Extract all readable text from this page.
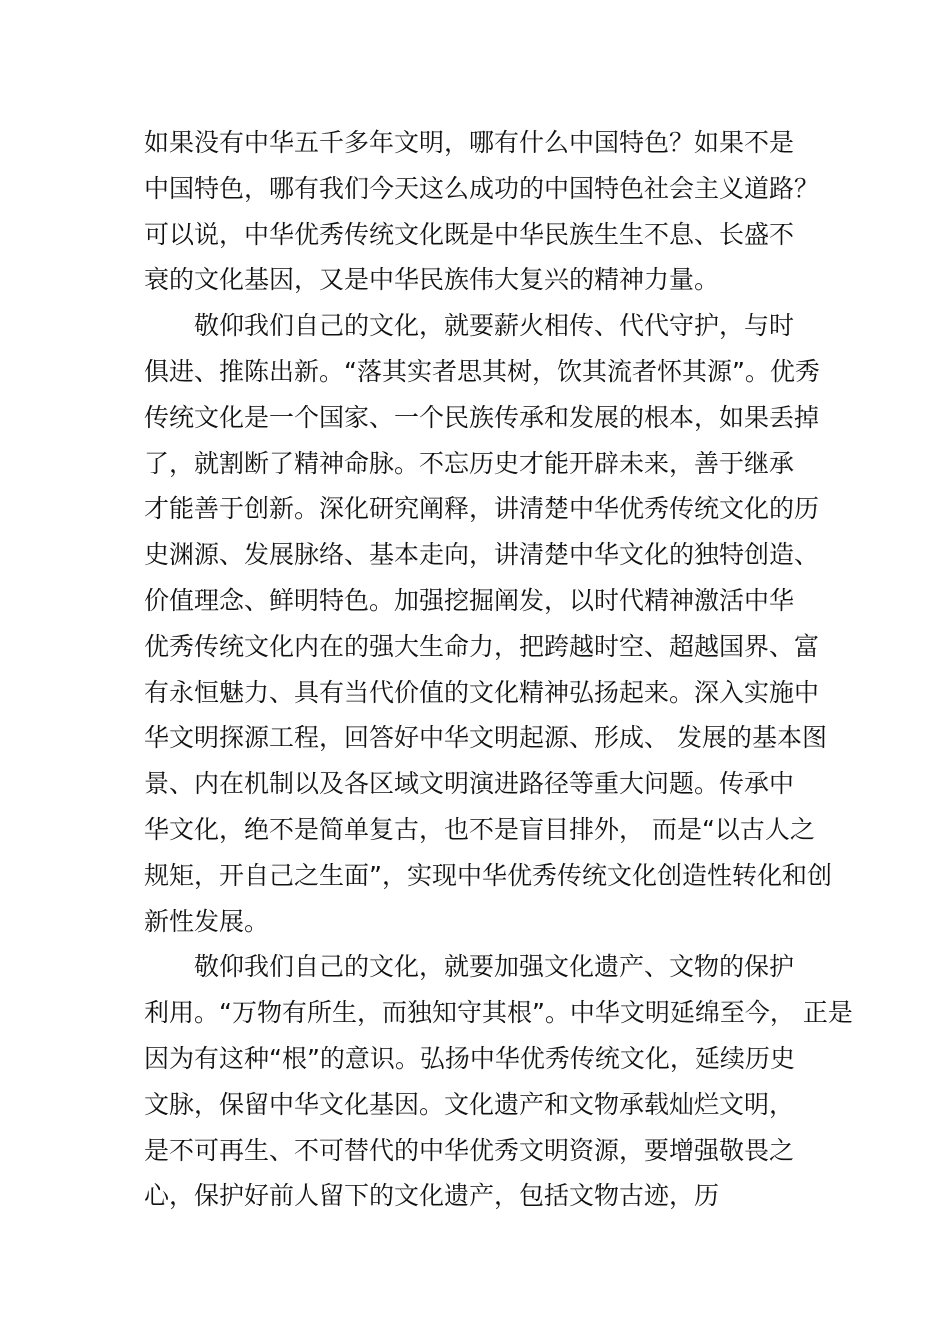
如果没有中华五千多年文明，哪有什么中国特色？如果不是
中国特色，哪有我们今天这么成功的中国特色社会主义道路？
可以说，中华优秀传统文化既是中华民族生生不息、长盛不
衰的文化基因，又是中华民族伟大复兴的精神力量。
敬仰我们自己的文化，就要薪火相传、代代守护，与时
俱进、推陈出新。“落其实者思其树，饮其流者怀其源”。优秀
传统文化是一个国家、一个民族传承和发展的根本，如果丢掉
了，就割断了精神命脉。不忘历史才能开辟未来，善于继承
才能善于创新。深化研究阐释，讲清楚中华优秀传统文化的历
史渊源、发展脉络、基本走向，讲清楚中华文化的独特创造、
价值理念、鲜明特色。加强挖掘阐发，以时代精神激活中华
优秀传统文化内在的强大生命力，把跨越时空、超越国界、富
有永恒魅力、具有当代价值的文化精神弘扬起来。深入实施中
华文明探源工程，回答好中华文明起源、形成、 发展的基本图
景、内在机制以及各区域文明演进路径等重大问题。传承中
华文化，绝不是简单复古，也不是盲目排外， 而是“以古人之
规矩，开自己之生面”，实现中华优秀传统文化创造性转化和创
新性发展。
敬仰我们自己的文化，就要加强文化遗产、文物的保护
利用。“万物有所生，而独知守其根”。中华文明延绵至今， 正是
因为有这种“根”的意识。弘扬中华优秀传统文化，延续历史
文脉，保留中华文化基因。文化遗产和文物承载灿烂文明，
是不可再生、不可替代的中华优秀文明资源，要增强敬畏之
心，保护好前人留下的文化遗产，包括文物古迹，历
